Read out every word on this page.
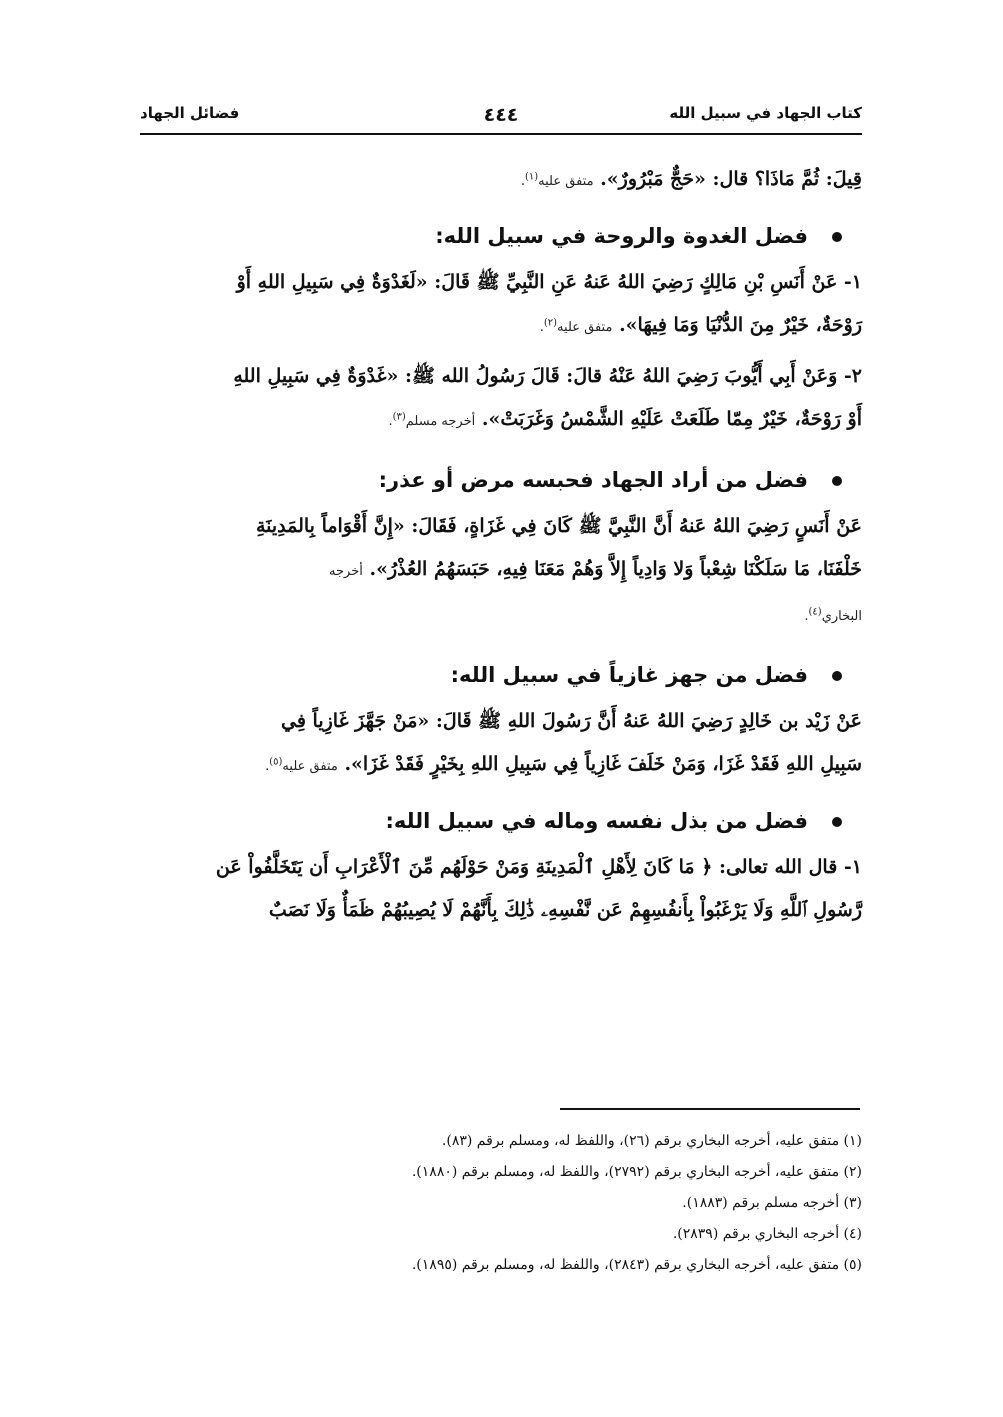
كتاب الجهاد في سبيل الله
٤٤٤
فضائل الجهاد

قِيلَ: ثُمَّ مَاذَا؟ قال: «حَجٌّ مَبْرُورٌ». متفق عليه$^{(١)}$.

فضل الغدوة والروحة في سبيل الله:

١- عَنْ أَنَسِ بْنِ مَالِكٍ رَضِيَ اللهُ عَنهُ عَنِ النَّبِيِّ ﷺ قَالَ: «لَغَدْوَةٌ فِي سَبِيلِ اللهِ أَوْ

رَوْحَةٌ، خَيْرٌ مِنَ الدُّنْيَا وَمَا فِيهَا». متفق عليه$^{(٢)}$.

٢- وَعَنْ أَبِي أَيُّوبَ رَضِيَ اللهُ عَنْهُ قالَ: قَالَ رَسُولُ الله ﷺ: «غَدْوَةٌ فِي سَبِيلِ اللهِ

أَوْ رَوْحَةٌ، خَيْرٌ مِمّا طَلَعَتْ عَلَيْهِ الشَّمْسُ وَغَرَبَتْ». أخرجه مسلم$^{(٣)}$.

فضل من أراد الجهاد فحبسه مرض أو عذر:

عَنْ أَنَسٍ رَضِيَ اللهُ عَنهُ أَنَّ النَّبِيَّ ﷺ كَانَ فِي غَزَاةٍ، فَقَالَ: «إِنَّ أَقْوَاماً بِالمَدِينَةِ

خَلْفَنَا، مَا سَلَكْنَا شِعْباً وَلا وَادِياً إِلاَّ وَهُمْ مَعَنَا فِيهِ، حَبَسَهُمُ العُذْرُ». أخرجه

البخاري$^{(٤)}$.

فضل من جهز غازياً في سبيل الله:

عَنْ زَيْد بن خَالِدٍ رَضِيَ اللهُ عَنهُ أَنَّ رَسُولَ اللهِ ﷺ قَالَ: «مَنْ جَهَّزَ غَازِياً فِي

سَبِيلِ اللهِ فَقَدْ غَزَا، وَمَنْ خَلَفَ غَازِياً فِي سَبِيلِ اللهِ بِخَيْرٍ فَقَدْ غَزَا». متفق عليه$^{(٥)}$.

فضل من بذل نفسه وماله في سبيل الله:

١- قال الله تعالى: ﴿ مَا كَانَ لِأَهْلِ ٱلْمَدِينَةِ وَمَنْ حَوْلَهُم مِّنَ ٱلْأَعْرَابِ أَن يَتَخَلَّفُواْ عَن

رَّسُولِ ٱللَّهِ وَلَا يَرْغَبُواْ بِأَنفُسِهِمْ عَن نَّفْسِهِۦ ذَٰلِكَ بِأَنَّهُمْ لَا يُصِيبُهُمْ ظَمَأٌ وَلَا نَصَبٌ

(١) متفق عليه، أخرجه البخاري برقم (٢٦)، واللفظ له، ومسلم برقم (٨٣).
(٢) متفق عليه، أخرجه البخاري برقم (٢٧٩٢)، واللفظ له، ومسلم برقم (١٨٨٠).
(٣) أخرجه مسلم برقم (١٨٨٣).
(٤) أخرجه البخاري برقم (٢٨٣٩).
(٥) متفق عليه، أخرجه البخاري برقم (٢٨٤٣)، واللفظ له، ومسلم برقم (١٨٩٥).
